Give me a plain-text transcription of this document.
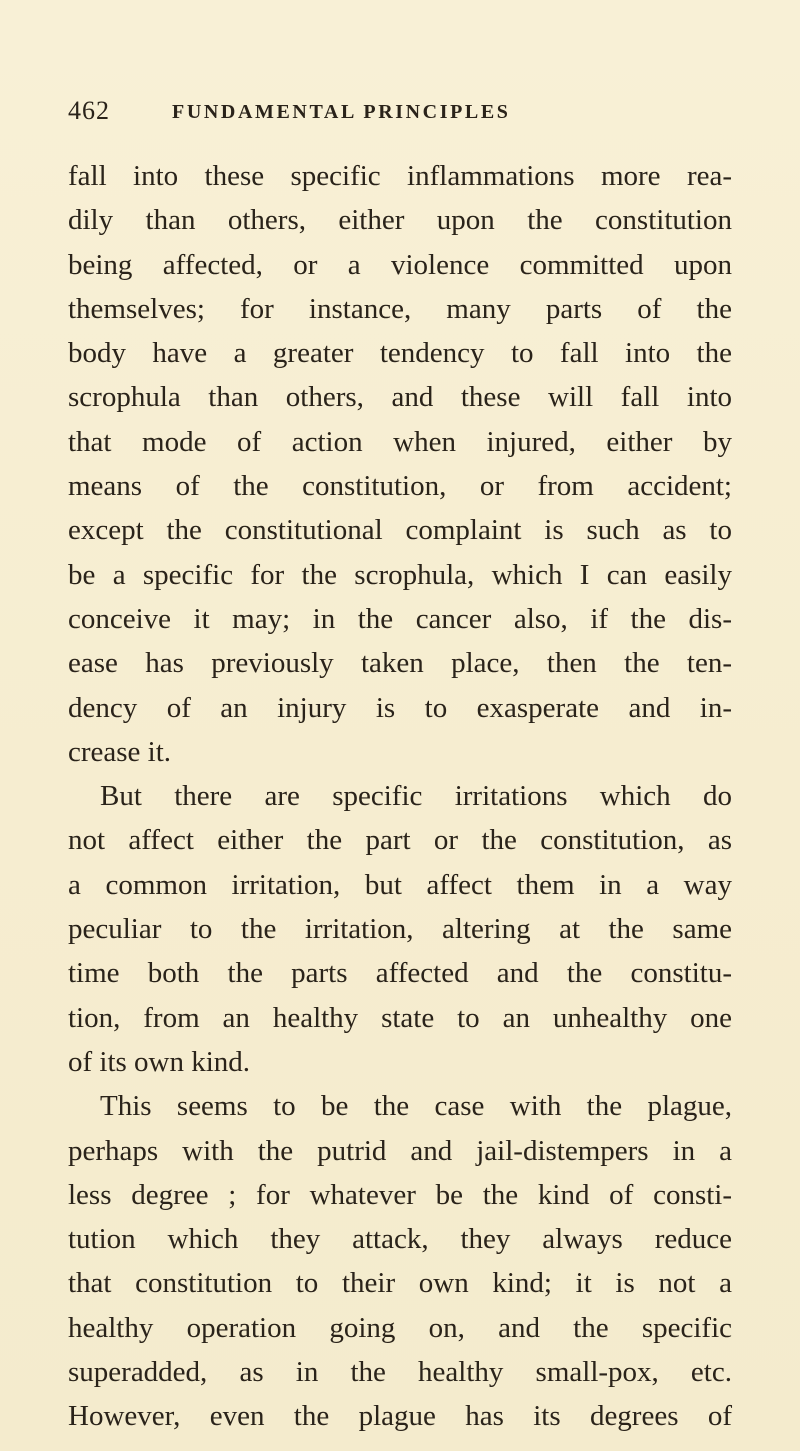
462	FUNDAMENTAL PRINCIPLES
fall into these specific inflammations more rea-
dily than others, either upon the constitution
being affected, or a violence committed upon
themselves; for instance, many parts of the
body have a greater tendency to fall into the
scrophula than others, and these will fall into
that mode of action when injured, either by
means of the constitution, or from accident;
except the constitutional complaint is such as to
be a specific for the scrophula, which I can easily
conceive it may; in the cancer also, if the dis-
ease has previously taken place, then the ten-
dency of an injury is to exasperate and in-
crease it.
But there are specific irritations which do
not affect either the part or the constitution, as
a common irritation, but affect them in a way
peculiar to the irritation, altering at the same
time both the parts affected and the constitu-
tion, from an healthy state to an unhealthy one
of its own kind.
This seems to be the case with the plague,
perhaps with the putrid and jail-distempers in a
less degree ; for whatever be the kind of consti-
tution which they attack, they always reduce
that constitution to their own kind; it is not a
healthy operation going on, and the specific
superadded, as in the healthy small-pox, etc.
However, even the plague has its degrees of
